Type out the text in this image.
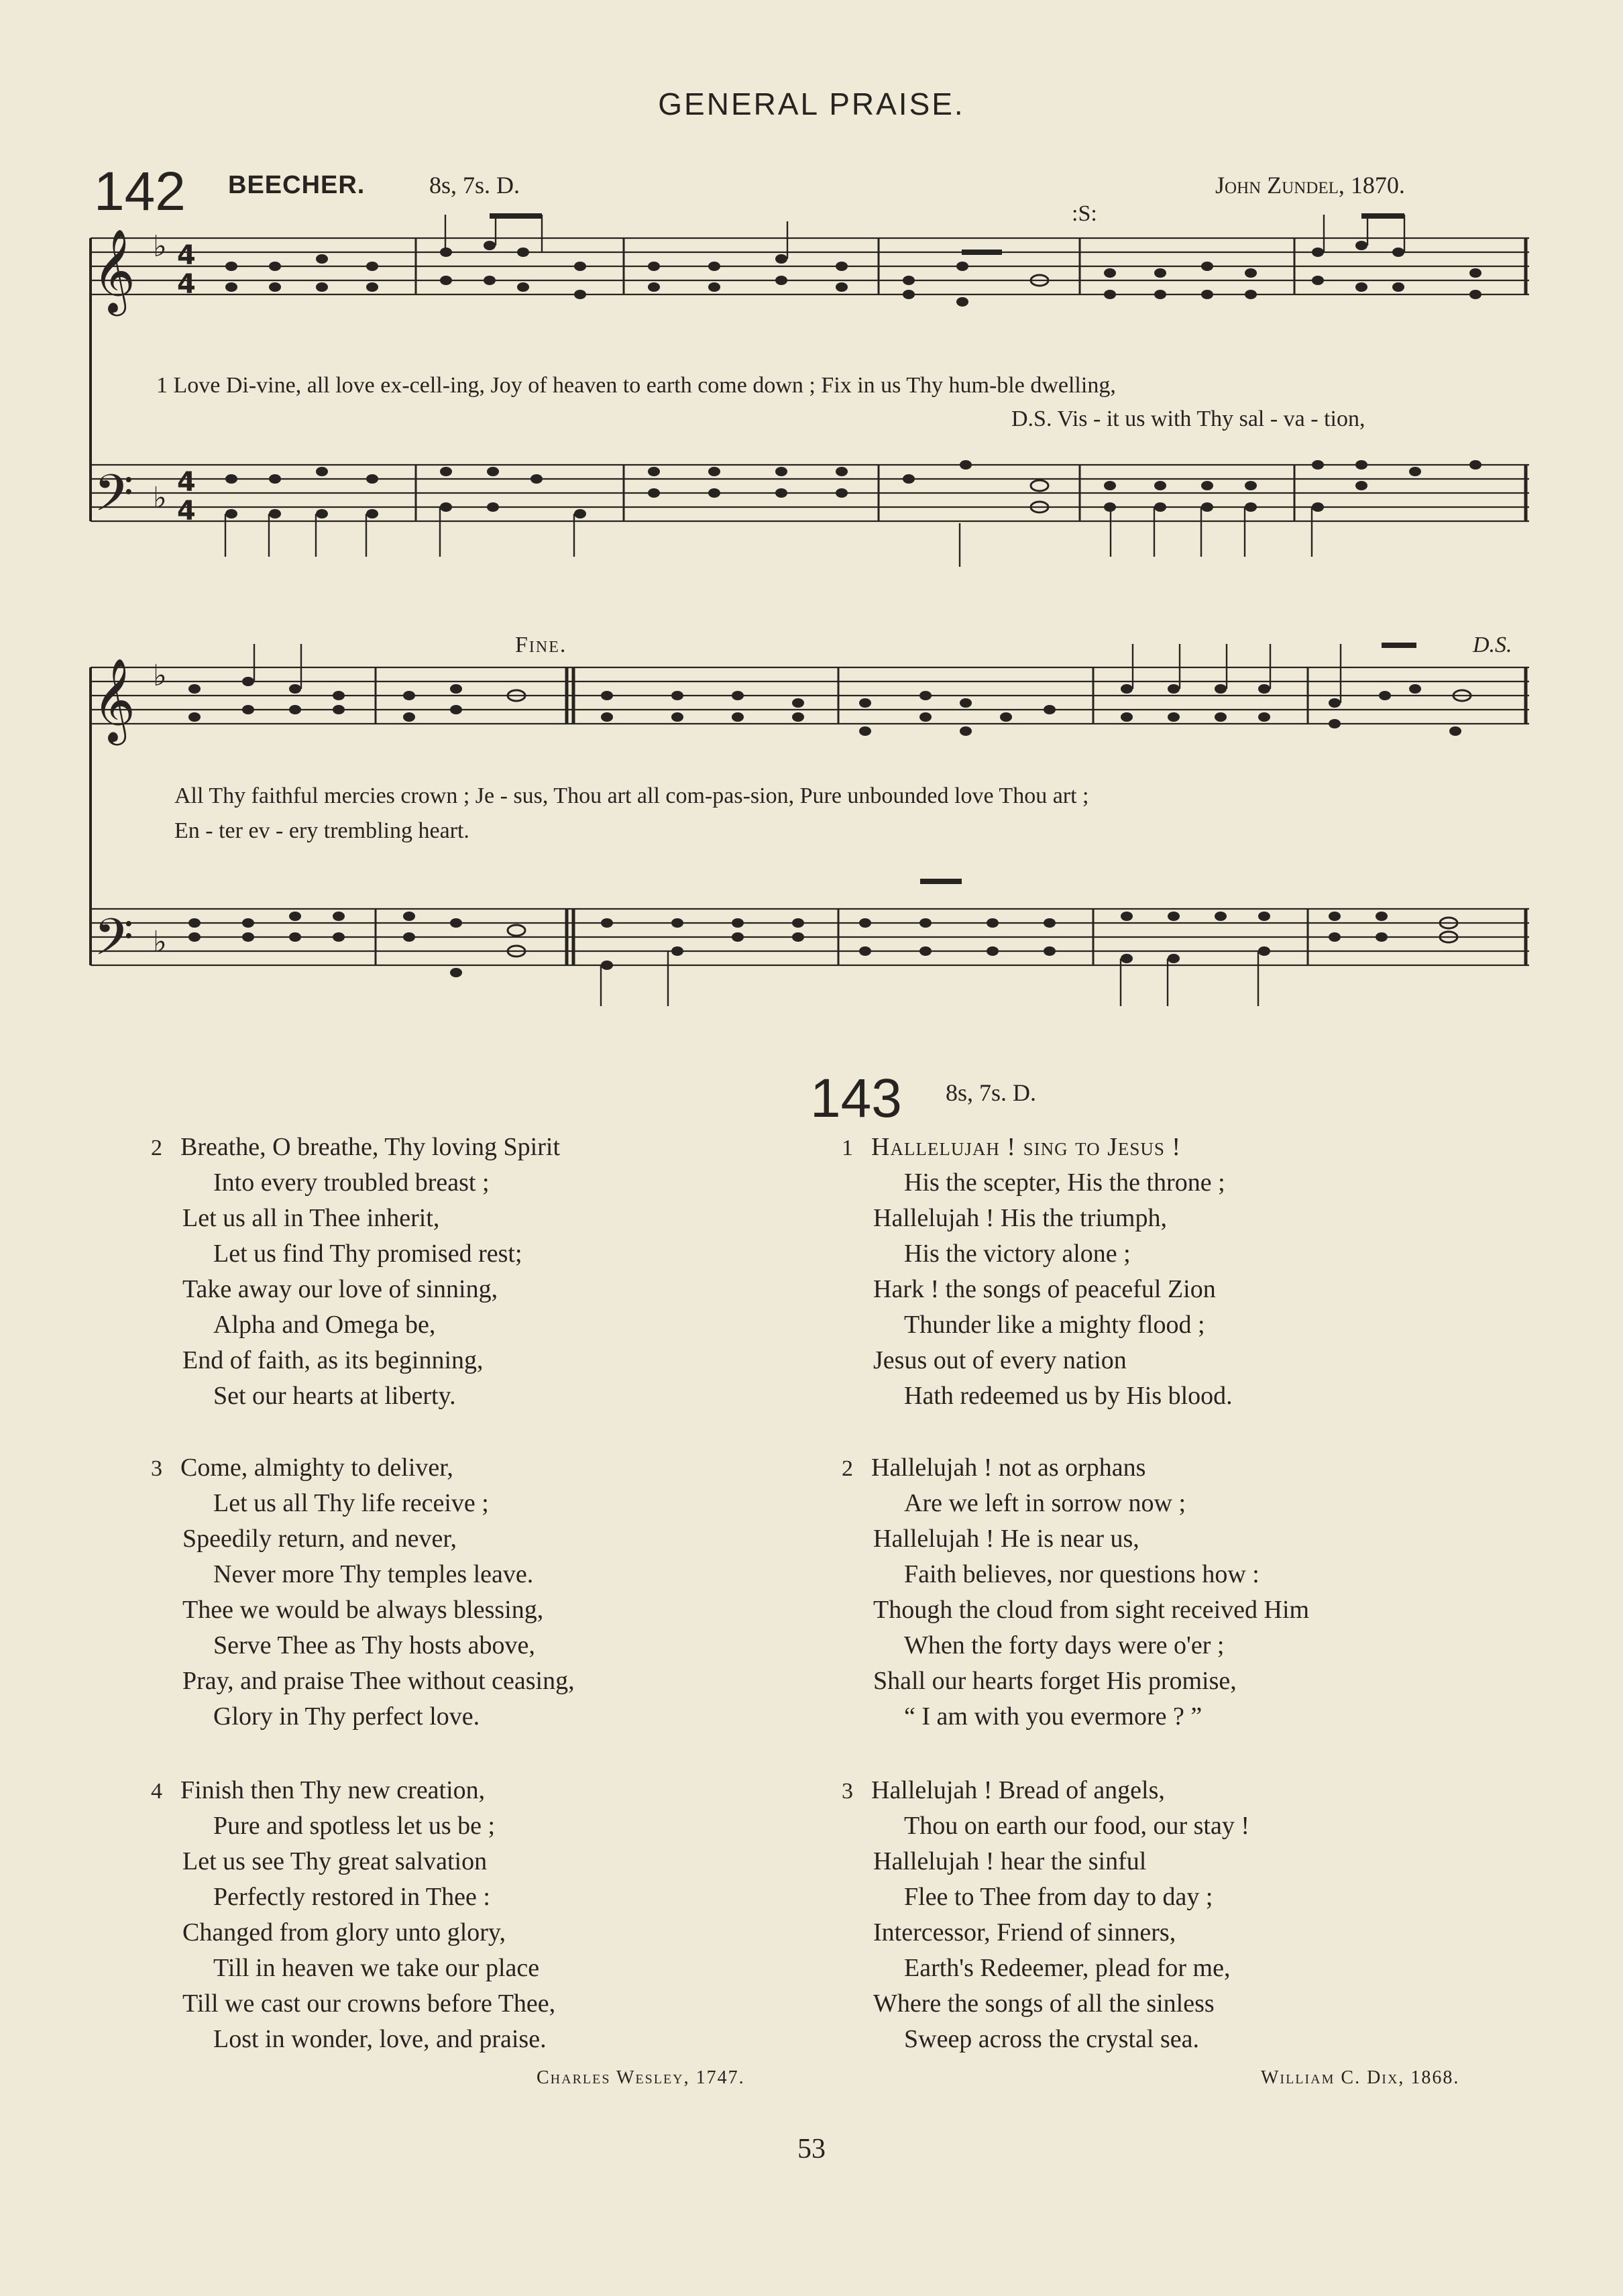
GENERAL PRAISE.
142 BEECHER.	8s, 7s. D.	John Zundel, 1870.
:S:
𝄞
𝄞
𝄢
𝄢
♭
♭
♭
♭
4
4
4
4
1 Love Di-vine, all love ex-cell-ing, Joy of heaven to earth come down ; Fix in us Thy hum-ble dwelling,
D.S. Vis - it us with Thy sal - va - tion,
Fine.	D.S.
All Thy faithful mercies crown ; Je - sus, Thou art all com-pas-sion, Pure unbounded love Thou art ;
En - ter ev - ery trembling heart.
143 8s, 7s. D.
2 Breathe, O breathe, Thy loving Spirit
Into every troubled breast ;
Let us all in Thee inherit,
Let us find Thy promised rest;
Take away our love of sinning,
Alpha and Omega be,
End of faith, as its beginning,
Set our hearts at liberty.
3 Come, almighty to deliver,
Let us all Thy life receive ;
Speedily return, and never,
Never more Thy temples leave.
Thee we would be always blessing,
Serve Thee as Thy hosts above,
Pray, and praise Thee without ceasing,
Glory in Thy perfect love.
4 Finish then Thy new creation,
Pure and spotless let us be ;
Let us see Thy great salvation
Perfectly restored in Thee :
Changed from glory unto glory,
Till in heaven we take our place
Till we cast our crowns before Thee,
Lost in wonder, love, and praise.
Charles Wesley, 1747.
1 Hallelujah ! sing to Jesus !
His the scepter, His the throne ;
Hallelujah ! His the triumph,
His the victory alone ;
Hark ! the songs of peaceful Zion
Thunder like a mighty flood ;
Jesus out of every nation
Hath redeemed us by His blood.
2 Hallelujah ! not as orphans
Are we left in sorrow now ;
Hallelujah ! He is near us,
Faith believes, nor questions how :
Though the cloud from sight received Him
When the forty days were o'er ;
Shall our hearts forget His promise,
“ I am with you evermore ? ”
3 Hallelujah ! Bread of angels,
Thou on earth our food, our stay !
Hallelujah ! hear the sinful
Flee to Thee from day to day ;
Intercessor, Friend of sinners,
Earth's Redeemer, plead for me,
Where the songs of all the sinless
Sweep across the crystal sea.
William C. Dix, 1868.
53
